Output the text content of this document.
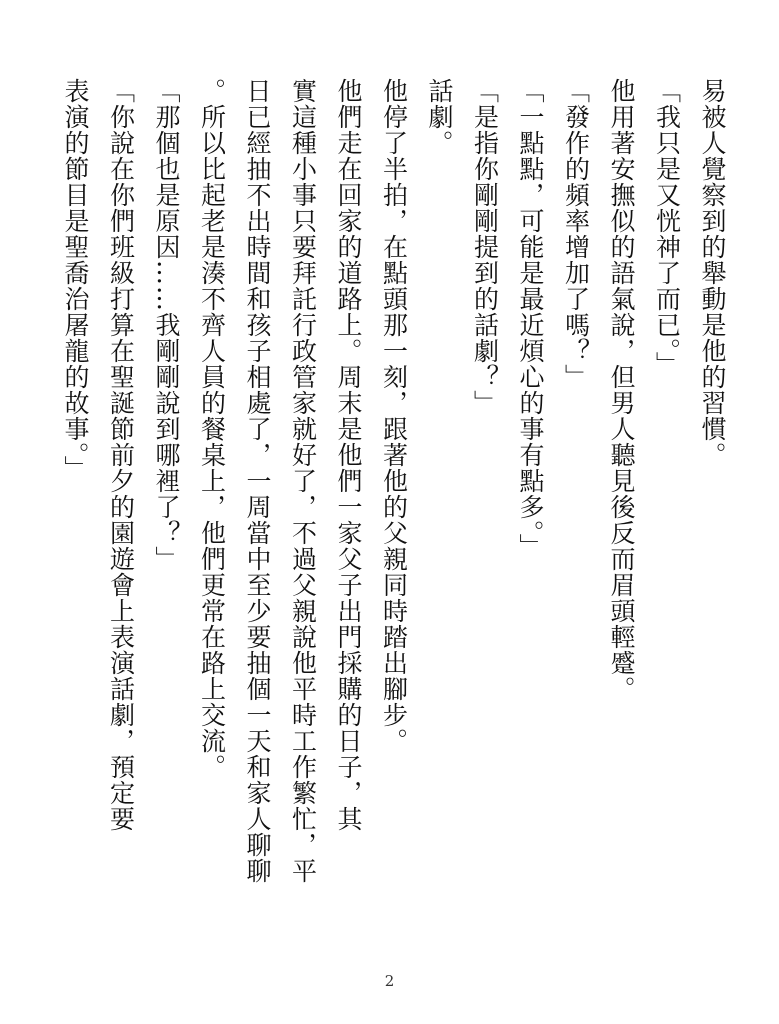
易被人覺察到的舉動是他的習慣。

「我只是又恍神了而已。」

他用著安撫似的語氣說，但男人聽見後反而眉頭輕蹙。

「發作的頻率增加了嗎？」

「一點點，可能是最近煩心的事有點多。」

「是指你剛剛提到的話劇？」

話劇。

他停了半拍，在點頭那一刻，跟著他的父親同時踏出腳步。

他們走在回家的道路上。周末是他們一家父子出門採購的日子，其

實這種小事只要拜託行政管家就好了，不過父親說他平時工作繁忙，平

日已經抽不出時間和孩子相處了，一周當中至少要抽個一天和家人聊聊

。所以比起老是湊不齊人員的餐桌上，他們更常在路上交流。

「那個也是原因……我剛剛說到哪裡了？」

「你說在你們班級打算在聖誕節前夕的園遊會上表演話劇，預定要

表演的節目是聖喬治屠龍的故事。」

2
